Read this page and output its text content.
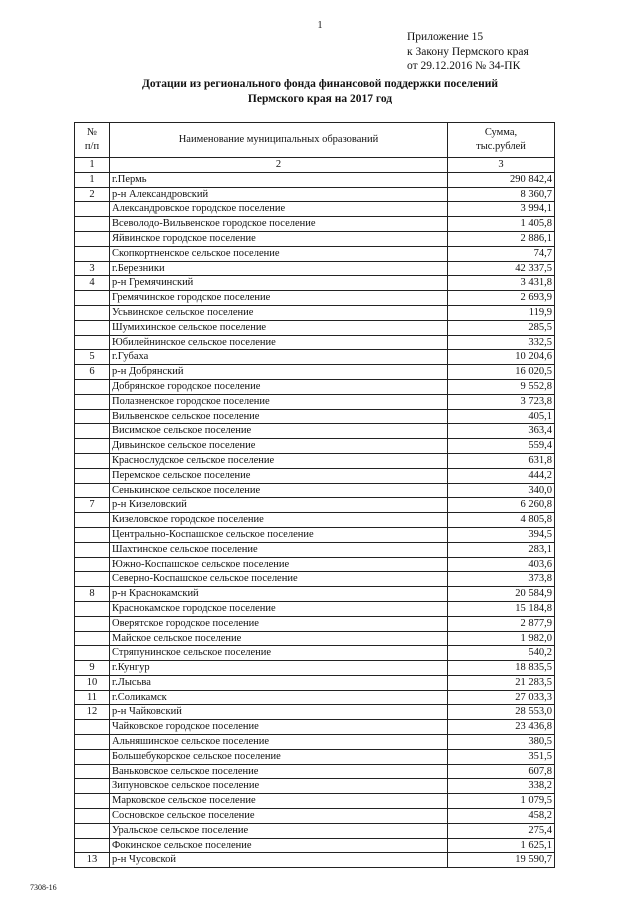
1
Приложение 15
к Закону Пермского края
от 29.12.2016 № 34-ПК
Дотации из регионального фонда финансовой поддержки поселений
Пермского края на 2017 год
№
п/п	Наименование муниципальных образований	Сумма,
тыс.рублей
1	2	3
1	г.Пермь	290 842,4
2	р-н Александровский	8 360,7
	Александровское городское поселение	3 994,1
	Всеволодо-Вильвенское городское поселение	1 405,8
	Яйвинское городское поселение	2 886,1
	Скопкортненское сельское поселение	74,7
3	г.Березники	42 337,5
4	р-н Гремячинский	3 431,8
	Гремячинское городское поселение	2 693,9
	Усьвинское сельское поселение	119,9
	Шумихинское сельское поселение	285,5
	Юбилейнинское сельское поселение	332,5
5	г.Губаха	10 204,6
6	р-н Добрянский	16 020,5
	Добрянское городское поселение	9 552,8
	Полазненское городское поселение	3 723,8
	Вильвенское сельское поселение	405,1
	Висимское сельское поселение	363,4
	Дивьинское сельское поселение	559,4
	Краснослудское сельское поселение	631,8
	Перемское сельское поселение	444,2
	Сенькинское сельское поселение	340,0
7	р-н Кизеловский	6 260,8
	Кизеловское городское поселение	4 805,8
	Центрально-Коспашское сельское поселение	394,5
	Шахтинское сельское поселение	283,1
	Южно-Коспашское сельское поселение	403,6
	Северно-Коспашское сельское поселение	373,8
8	р-н Краснокамский	20 584,9
	Краснокамское городское поселение	15 184,8
	Оверятское городское поселение	2 877,9
	Майское сельское поселение	1 982,0
	Стряпунинское сельское поселение	540,2
9	г.Кунгур	18 835,5
10	г.Лысьва	21 283,5
11	г.Соликамск	27 033,3
12	р-н Чайковский	28 553,0
	Чайковское городское поселение	23 436,8
	Альняшинское сельское поселение	380,5
	Большебукорское сельское поселение	351,5
	Ваньковское сельское поселение	607,8
	Зипуновское сельское поселение	338,2
	Марковское сельское поселение	1 079,5
	Сосновское сельское поселение	458,2
	Уральское сельское поселение	275,4
	Фокинское сельское поселение	1 625,1
13	р-н Чусовской	19 590,7
7308-16
